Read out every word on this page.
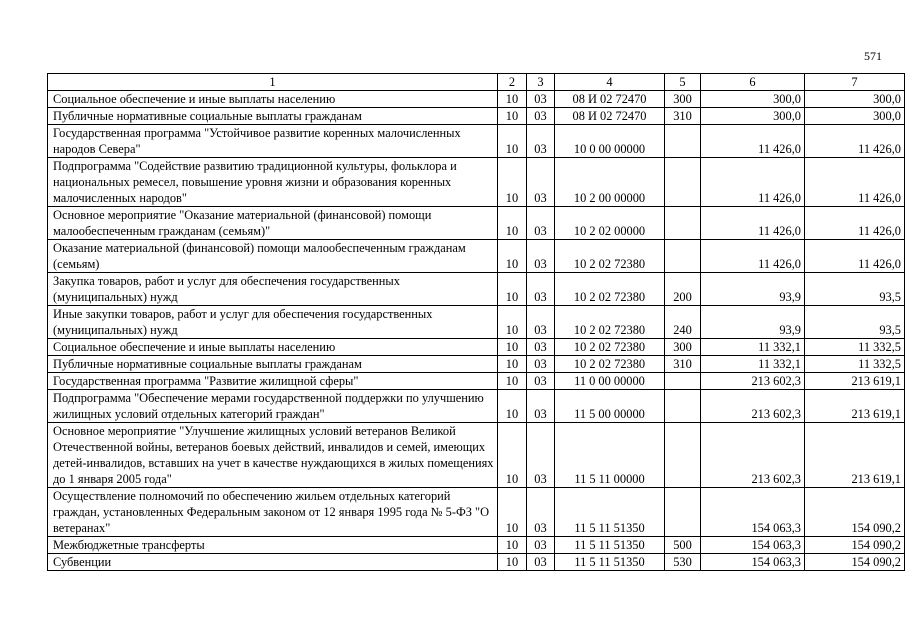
571
1	2	3	4	5	6	7
Социальное обеспечение и иные выплаты населению	10	03	08 И 02 72470	300	300,0	300,0
Публичные нормативные социальные выплаты гражданам	10	03	08 И 02 72470	310	300,0	300,0
Государственная программа "Устойчивое развитие коренных малочисленных народов Севера"	10	03	10 0 00 00000		11 426,0	11 426,0
Подпрограмма "Содействие развитию традиционной культуры, фольклора и национальных ремесел, повышение уровня жизни и образования коренных малочисленных народов"	10	03	10 2 00 00000		11 426,0	11 426,0
Основное мероприятие "Оказание материальной (финансовой) помощи малообеспеченным гражданам (семьям)"	10	03	10 2 02 00000		11 426,0	11 426,0
Оказание материальной (финансовой) помощи малообеспеченным гражданам (семьям)	10	03	10 2 02 72380		11 426,0	11 426,0
Закупка товаров, работ и услуг для обеспечения государственных (муниципальных) нужд	10	03	10 2 02 72380	200	93,9	93,5
Иные закупки товаров, работ и услуг для обеспечения государственных (муниципальных) нужд	10	03	10 2 02 72380	240	93,9	93,5
Социальное обеспечение и иные выплаты населению	10	03	10 2 02 72380	300	11 332,1	11 332,5
Публичные нормативные социальные выплаты гражданам	10	03	10 2 02 72380	310	11 332,1	11 332,5
Государственная программа "Развитие жилищной сферы"	10	03	11 0 00 00000		213 602,3	213 619,1
Подпрограмма "Обеспечение мерами государственной поддержки по улучшению жилищных условий отдельных категорий граждан"	10	03	11 5 00 00000		213 602,3	213 619,1
Основное мероприятие "Улучшение жилищных условий ветеранов Великой Отечественной войны, ветеранов боевых действий, инвалидов и семей, имеющих детей-инвалидов, вставших на учет в качестве нуждающихся в жилых помещениях до 1 января 2005 года"	10	03	11 5 11 00000		213 602,3	213 619,1
Осуществление полномочий по обеспечению жильем отдельных категорий граждан, установленных Федеральным законом от 12 января 1995 года № 5-ФЗ "О ветеранах"	10	03	11 5 11 51350		154 063,3	154 090,2
Межбюджетные трансферты	10	03	11 5 11 51350	500	154 063,3	154 090,2
Субвенции	10	03	11 5 11 51350	530	154 063,3	154 090,2
